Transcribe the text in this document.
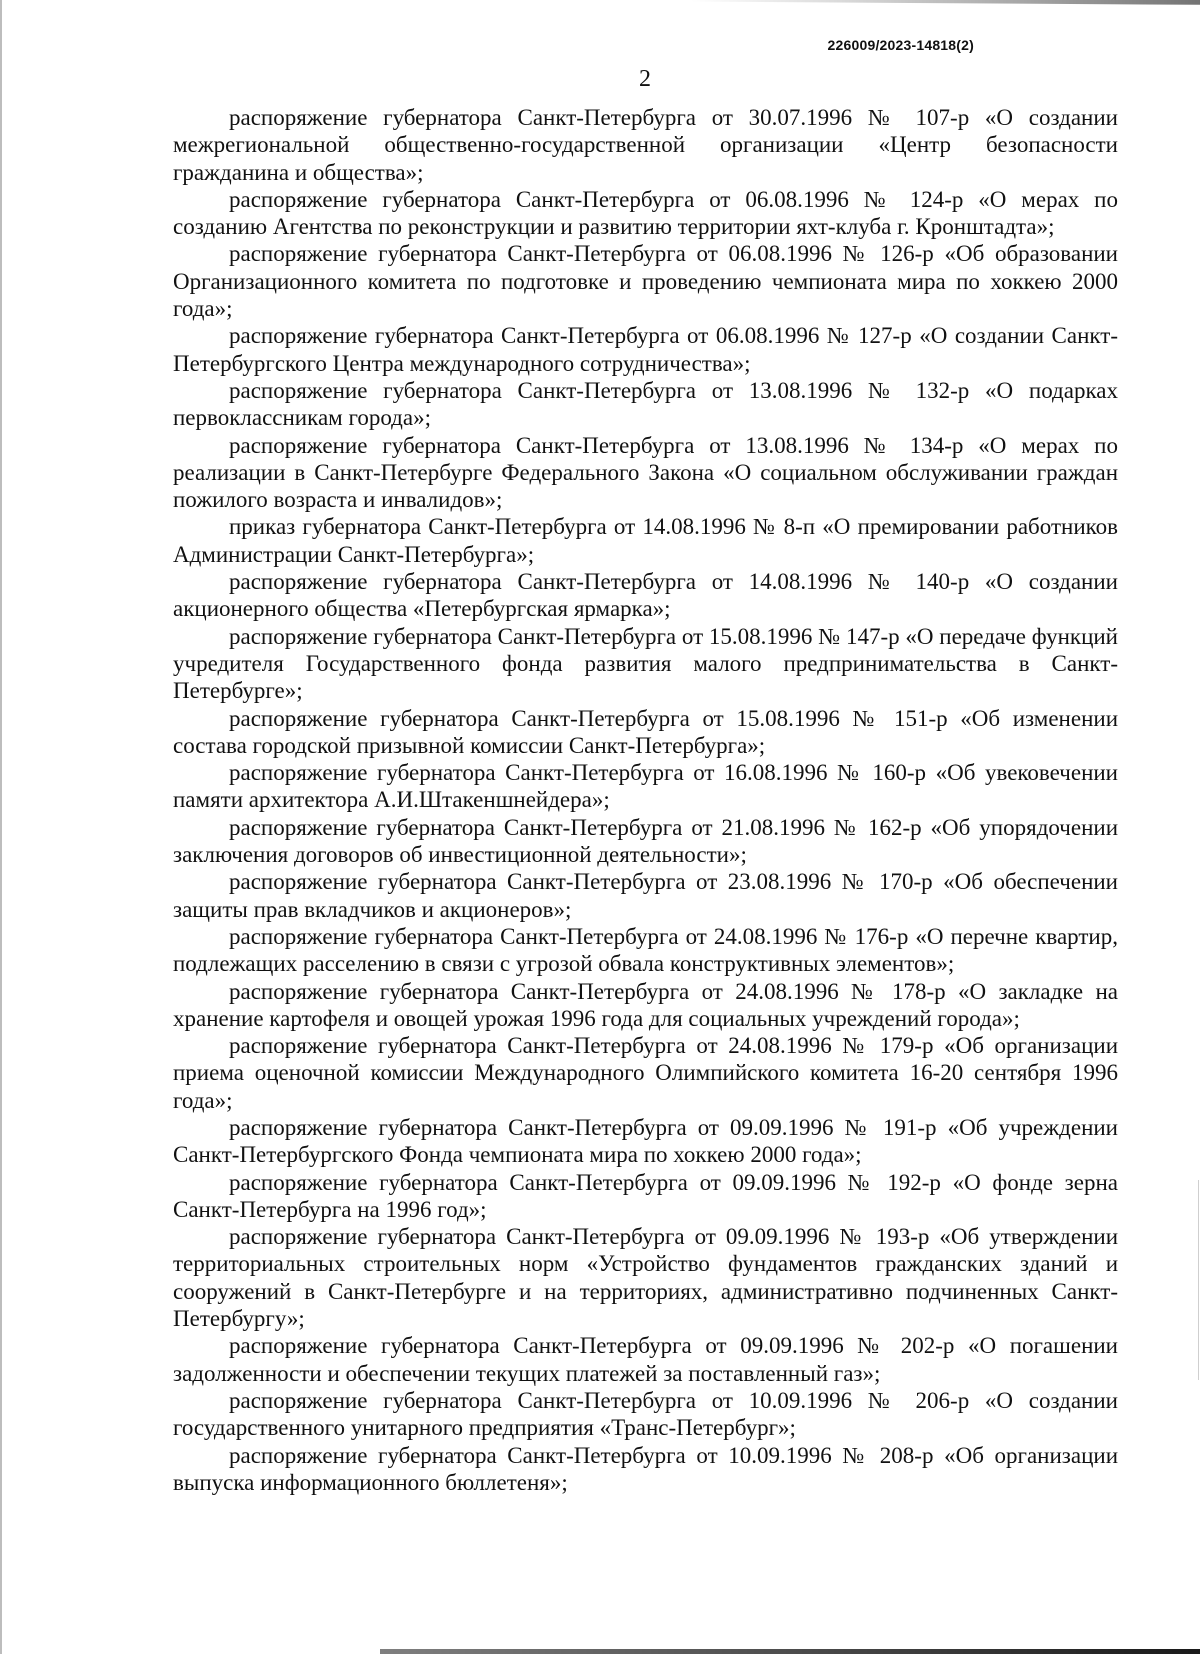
226009/2023-14818(2)
2

распоряжение губернатора Санкт-Петербурга от 30.07.1996 № 107-р «О создании межрегиональной общественно-государственной организации «Центр безопасности гражданина и общества»;

распоряжение губернатора Санкт-Петербурга от 06.08.1996 № 124-р «О мерах по созданию Агентства по реконструкции и развитию территории яхт-клуба г. Кронштадта»;

распоряжение губернатора Санкт-Петербурга от 06.08.1996 № 126-р «Об образовании Организационного комитета по подготовке и проведению чемпионата мира по хоккею 2000 года»;

распоряжение губернатора Санкт-Петербурга от 06.08.1996 № 127-р «О создании Санкт-Петербургского Центра международного сотрудничества»;

распоряжение губернатора Санкт-Петербурга от 13.08.1996 № 132-р «О подарках первоклассникам города»;

распоряжение губернатора Санкт-Петербурга от 13.08.1996 № 134-р «О мерах по реализации в Санкт-Петербурге Федерального Закона «О социальном обслуживании граждан пожилого возраста и инвалидов»;

приказ губернатора Санкт-Петербурга от 14.08.1996 № 8-п «О премировании работников Администрации Санкт-Петербурга»;

распоряжение губернатора Санкт-Петербурга от 14.08.1996 № 140-р «О создании акционерного общества «Петербургская ярмарка»;

распоряжение губернатора Санкт-Петербурга от 15.08.1996 № 147-р «О передаче функций учредителя Государственного фонда развития малого предпринимательства в Санкт-Петербурге»;

распоряжение губернатора Санкт-Петербурга от 15.08.1996 № 151-р «Об изменении состава городской призывной комиссии Санкт-Петербурга»;

распоряжение губернатора Санкт-Петербурга от 16.08.1996 № 160-р «Об увековечении памяти архитектора А.И.Штакеншнейдера»;

распоряжение губернатора Санкт-Петербурга от 21.08.1996 № 162-р «Об упорядочении заключения договоров об инвестиционной деятельности»;

распоряжение губернатора Санкт-Петербурга от 23.08.1996 № 170-р «Об обеспечении защиты прав вкладчиков и акционеров»;

распоряжение губернатора Санкт-Петербурга от 24.08.1996 № 176-р «О перечне квартир, подлежащих расселению в связи с угрозой обвала конструктивных элементов»;

распоряжение губернатора Санкт-Петербурга от 24.08.1996 № 178-р «О закладке на хранение картофеля и овощей урожая 1996 года для социальных учреждений города»;

распоряжение губернатора Санкт-Петербурга от 24.08.1996 № 179-р «Об организации приема оценочной комиссии Международного Олимпийского комитета 16-20 сентября 1996 года»;

распоряжение губернатора Санкт-Петербурга от 09.09.1996 № 191-р «Об учреждении Санкт-Петербургского Фонда чемпионата мира по хоккею 2000 года»;

распоряжение губернатора Санкт-Петербурга от 09.09.1996 № 192-р «О фонде зерна Санкт-Петербурга на 1996 год»;

распоряжение губернатора Санкт-Петербурга от 09.09.1996 № 193-р «Об утверждении территориальных строительных норм «Устройство фундаментов гражданских зданий и сооружений в Санкт-Петербурге и на территориях, административно подчиненных Санкт-Петербургу»;

распоряжение губернатора Санкт-Петербурга от 09.09.1996 № 202-р «О погашении задолженности и обеспечении текущих платежей за поставленный газ»;

распоряжение губернатора Санкт-Петербурга от 10.09.1996 № 206-р «О создании государственного унитарного предприятия «Транс-Петербург»;

распоряжение губернатора Санкт-Петербурга от 10.09.1996 № 208-р «Об организации выпуска информационного бюллетеня»;
